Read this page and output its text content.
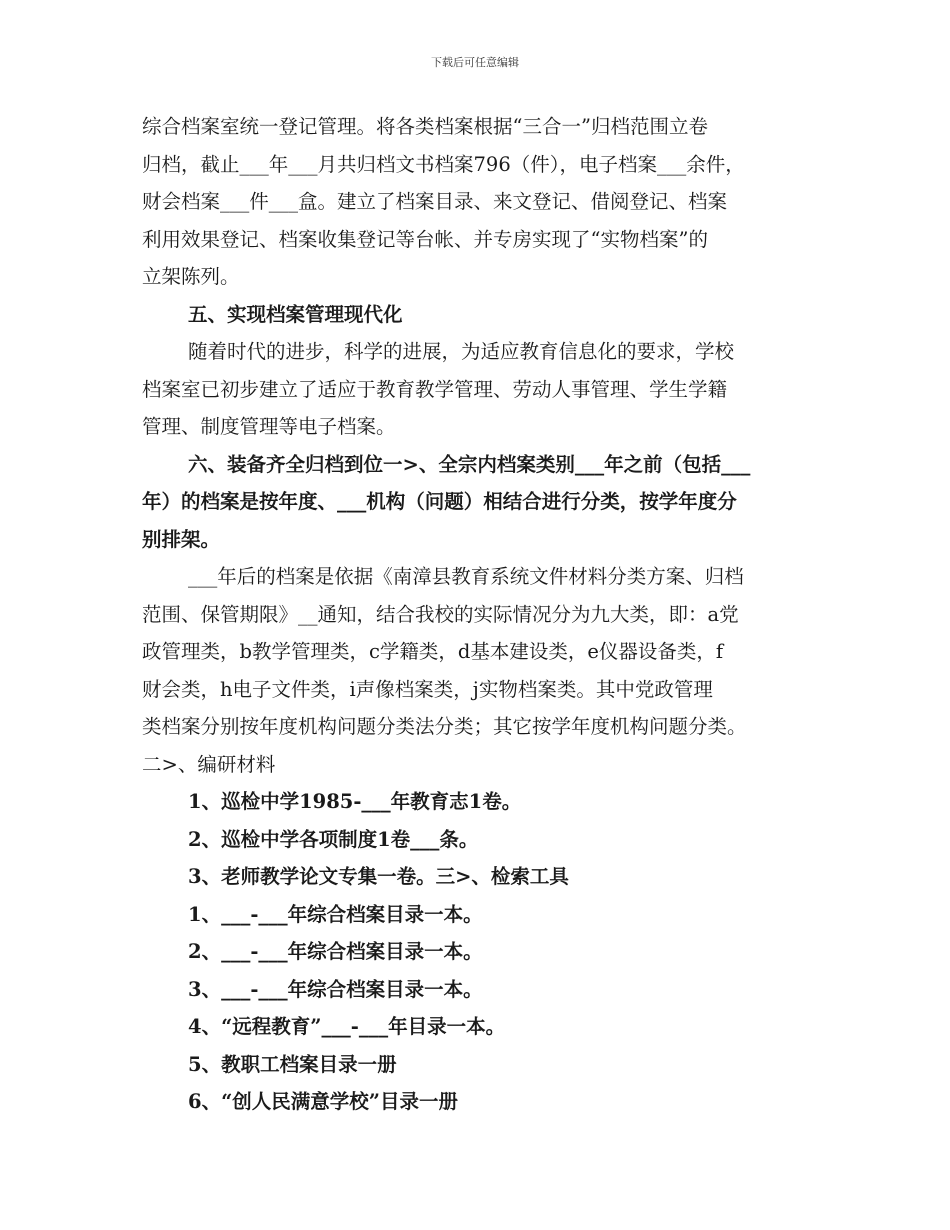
下载后可任意编辑
综合档案室统一登记管理。将各类档案根据“三合一”归档范围立卷
归档，截止___年___月共归档文书档案796（件），电子档案___余件，
财会档案___件___盒。建立了档案目录、来文登记、借阅登记、档案
利用效果登记、档案收集登记等台帐、并专房实现了“实物档案”的
立架陈列。
五、实现档案管理现代化
随着时代的进步，科学的进展，为适应教育信息化的要求，学校
档案室已初步建立了适应于教育教学管理、劳动人事管理、学生学籍
管理、制度管理等电子档案。
六、装备齐全归档到位一>、全宗内档案类别___年之前（包括___
年）的档案是按年度、___机构（问题）相结合进行分类，按学年度分
别排架。
___年后的档案是依据《南漳县教育系统文件材料分类方案、归档
范围、保管期限》__通知，结合我校的实际情况分为九大类，即：a党
政管理类，b教学管理类，c学籍类，d基本建设类，e仪器设备类，f
财会类，h电子文件类，i声像档案类，j实物档案类。其中党政管理
类档案分别按年度机构问题分类法分类；其它按学年度机构问题分类。
二>、编研材料
1、巡检中学1985-___年教育志1卷。
2、巡检中学各项制度1卷___条。
3、老师教学论文专集一卷。三>、检索工具
1、___-___年综合档案目录一本。
2、___-___年综合档案目录一本。
3、___-___年综合档案目录一本。
4、“远程教育”___-___年目录一本。
5、教职工档案目录一册
6、“创人民满意学校”目录一册
